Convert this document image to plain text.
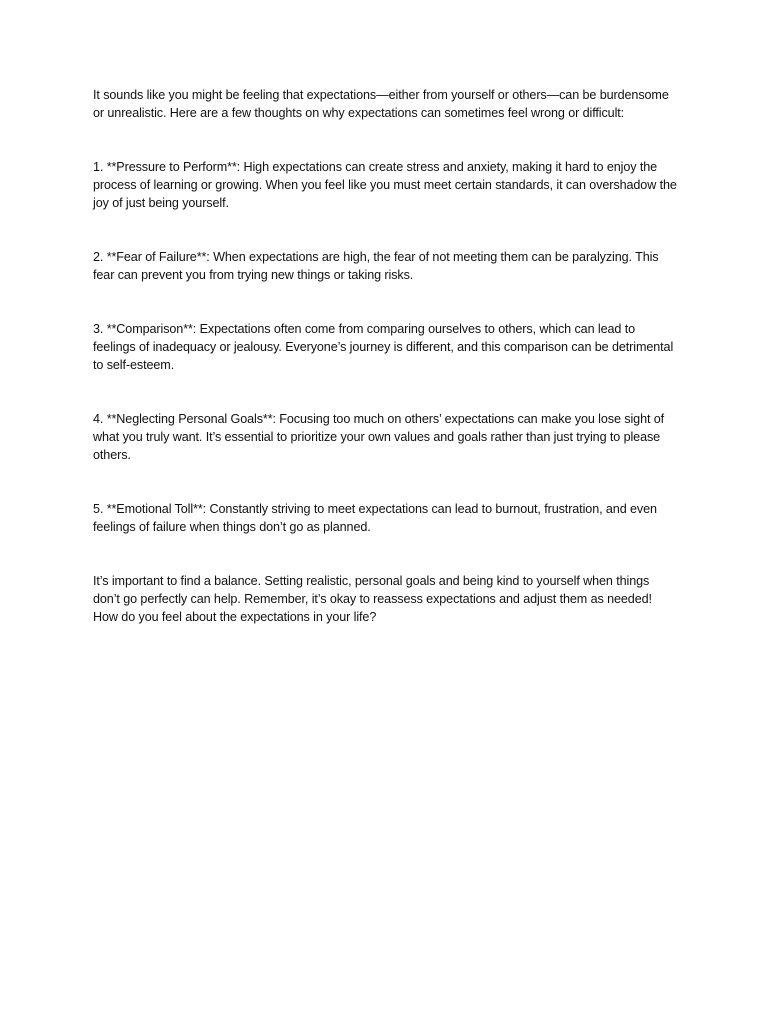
It sounds like you might be feeling that expectations—either from yourself or others—can be burdensome or unrealistic. Here are a few thoughts on why expectations can sometimes feel wrong or difficult:

1. **Pressure to Perform**: High expectations can create stress and anxiety, making it hard to enjoy the process of learning or growing. When you feel like you must meet certain standards, it can overshadow the joy of just being yourself.

2. **Fear of Failure**: When expectations are high, the fear of not meeting them can be paralyzing. This fear can prevent you from trying new things or taking risks.

3. **Comparison**: Expectations often come from comparing ourselves to others, which can lead to feelings of inadequacy or jealousy. Everyone’s journey is different, and this comparison can be detrimental to self-esteem.

4. **Neglecting Personal Goals**: Focusing too much on others’ expectations can make you lose sight of what you truly want. It’s essential to prioritize your own values and goals rather than just trying to please others.

5. **Emotional Toll**: Constantly striving to meet expectations can lead to burnout, frustration, and even feelings of failure when things don’t go as planned.

It’s important to find a balance. Setting realistic, personal goals and being kind to yourself when things don’t go perfectly can help. Remember, it’s okay to reassess expectations and adjust them as needed! How do you feel about the expectations in your life?
